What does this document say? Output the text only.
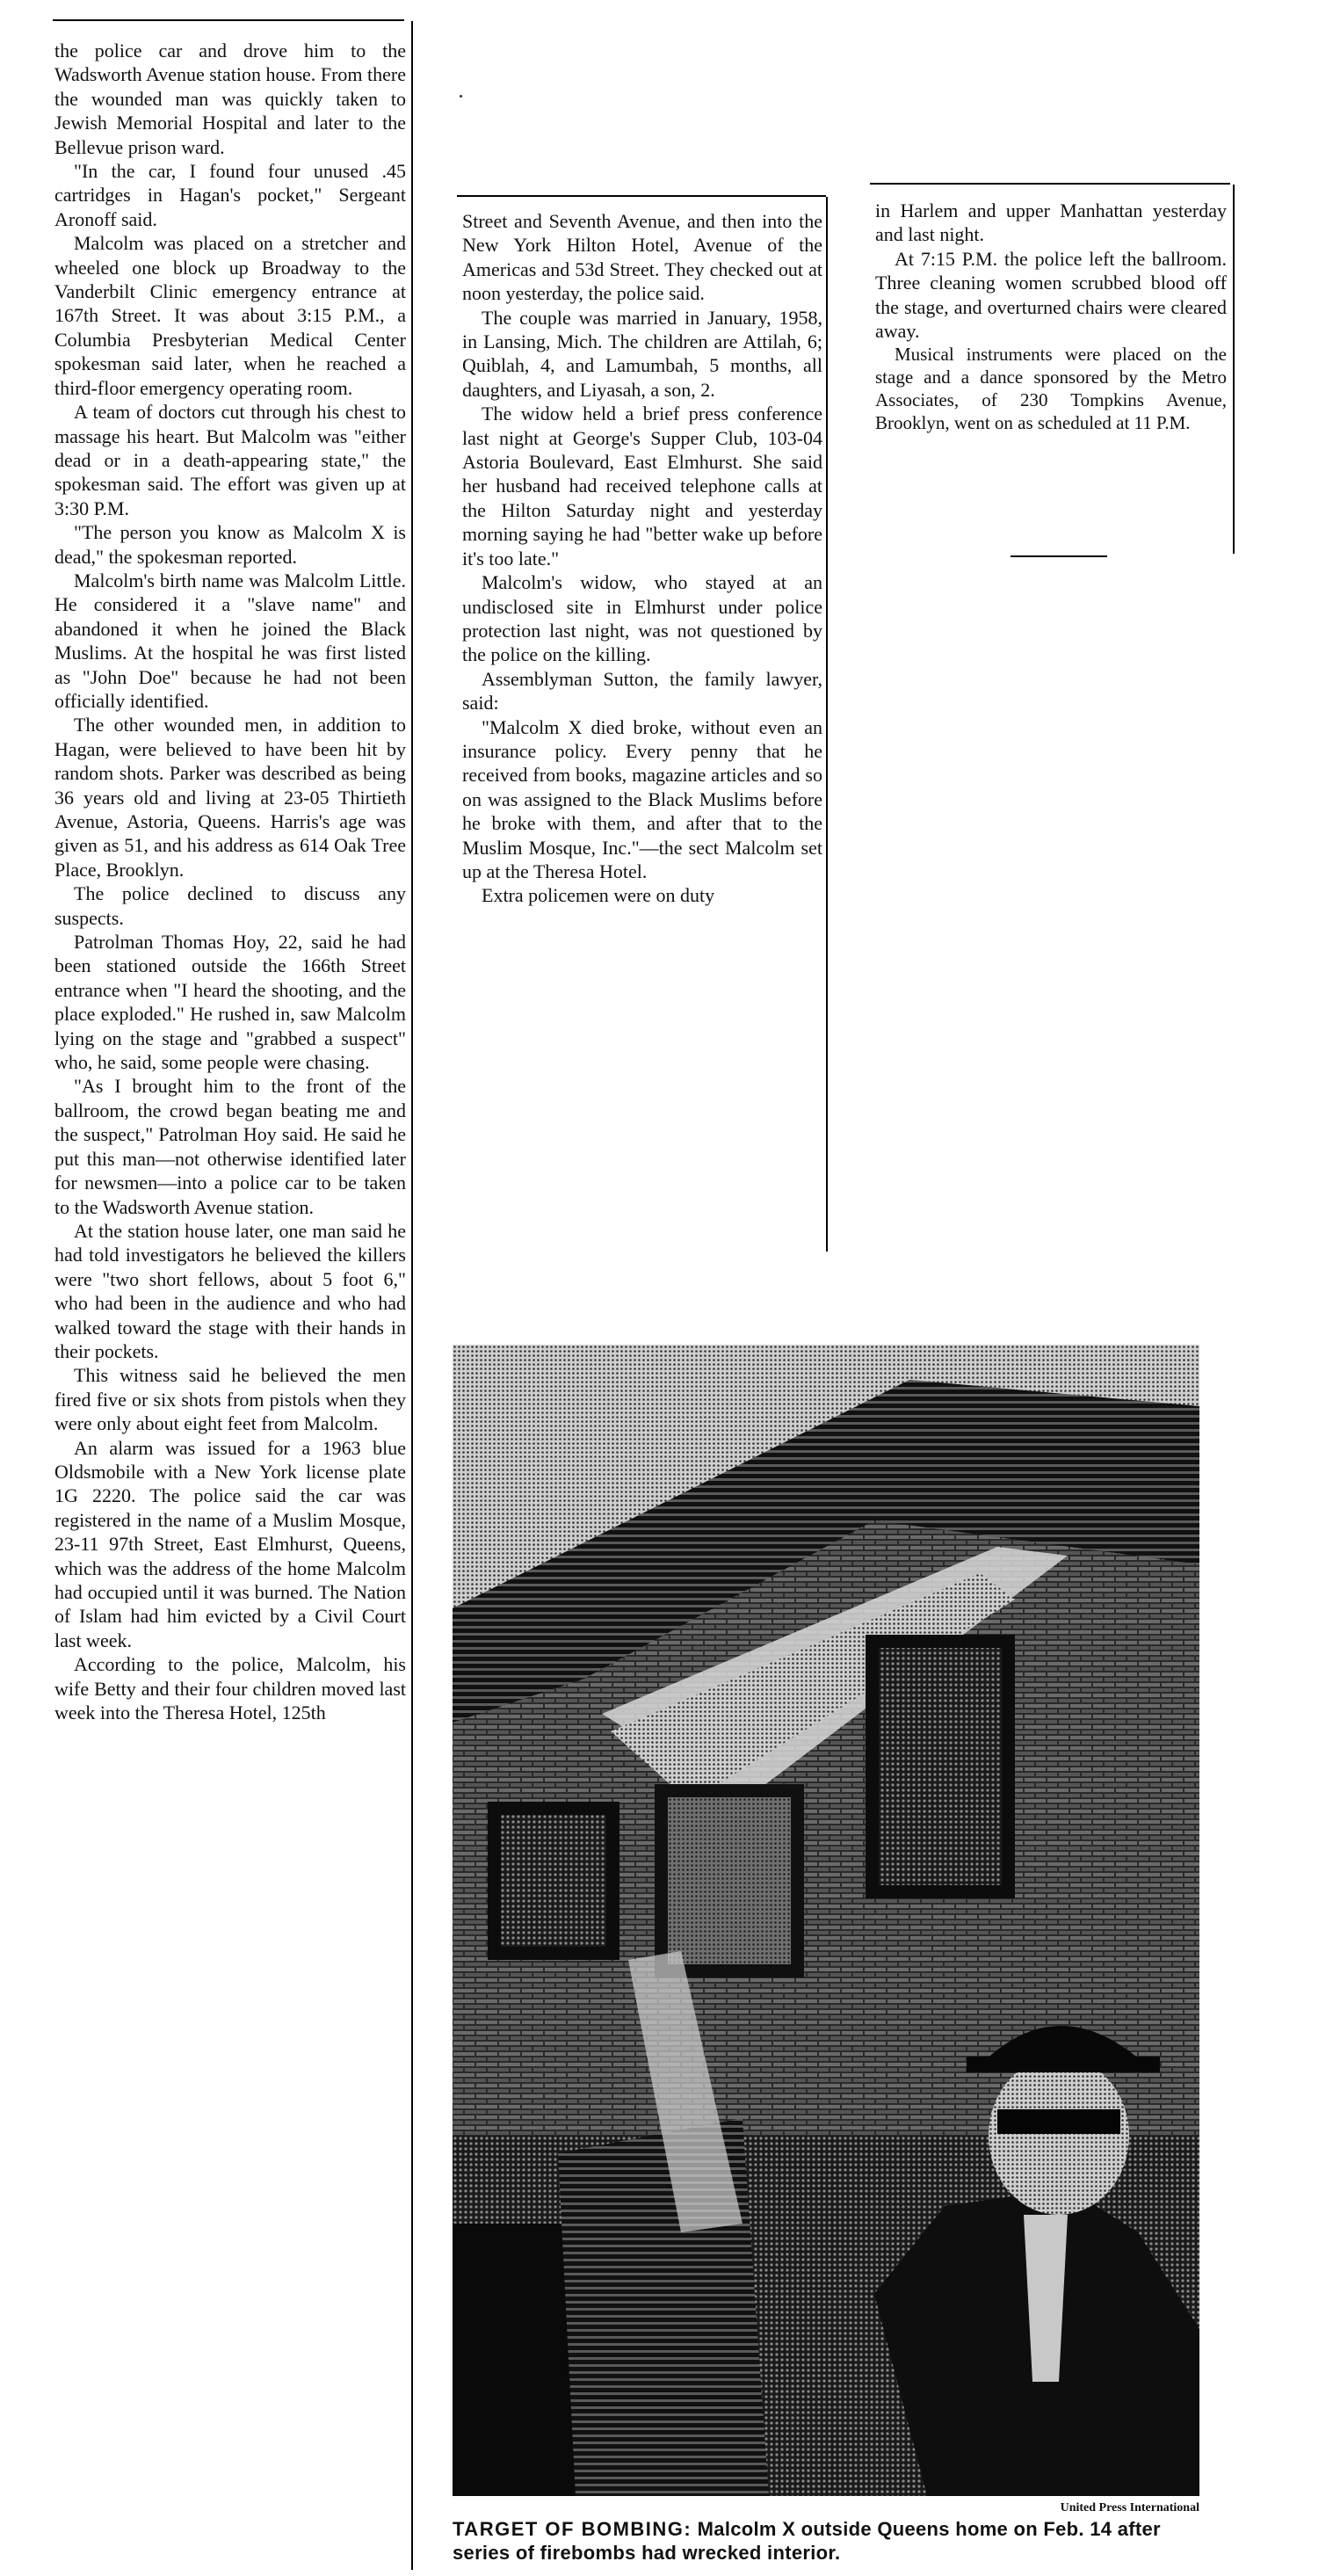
the police car and drove him to the Wadsworth Avenue station house. From there the wounded man was quickly taken to Jewish Memorial Hospital and later to the Bellevue prison ward.

"In the car, I found four unused .45 cartridges in Hagan's pocket," Sergeant Aronoff said.

Malcolm was placed on a stretcher and wheeled one block up Broadway to the Vanderbilt Clinic emergency entrance at 167th Street. It was about 3:15 P.M., a Columbia Presbyterian Medical Center spokesman said later, when he reached a third-floor emergency operating room.

A team of doctors cut through his chest to massage his heart. But Malcolm was "either dead or in a death-appearing state," the spokesman said. The effort was given up at 3:30 P.M.

"The person you know as Malcolm X is dead," the spokesman reported.

Malcolm's birth name was Malcolm Little. He considered it a "slave name" and abandoned it when he joined the Black Muslims. At the hospital he was first listed as "John Doe" because he had not been officially identified.

The other wounded men, in addition to Hagan, were believed to have been hit by random shots. Parker was described as being 36 years old and living at 23-05 Thirtieth Avenue, Astoria, Queens. Harris's age was given as 51, and his address as 614 Oak Tree Place, Brooklyn.

The police declined to discuss any suspects.

Patrolman Thomas Hoy, 22, said he had been stationed outside the 166th Street entrance when "I heard the shooting, and the place exploded." He rushed in, saw Malcolm lying on the stage and "grabbed a suspect" who, he said, some people were chasing.

"As I brought him to the front of the ballroom, the crowd began beating me and the suspect," Patrolman Hoy said. He said he put this man—not otherwise identified later for newsmen—into a police car to be taken to the Wadsworth Avenue station.

At the station house later, one man said he had told investigators he believed the killers were "two short fellows, about 5 foot 6," who had been in the audience and who had walked toward the stage with their hands in their pockets.

This witness said he believed the men fired five or six shots from pistols when they were only about eight feet from Malcolm.

An alarm was issued for a 1963 blue Oldsmobile with a New York license plate 1G 2220. The police said the car was registered in the name of a Muslim Mosque, 23-11 97th Street, East Elmhurst, Queens, which was the address of the home Malcolm had occupied until it was burned. The Nation of Islam had him evicted by a Civil Court last week.

According to the police, Malcolm, his wife Betty and their four children moved last week into the Theresa Hotel, 125th

Street and Seventh Avenue, and then into the New York Hilton Hotel, Avenue of the Americas and 53d Street. They checked out at noon yesterday, the police said.

The couple was married in January, 1958, in Lansing, Mich. The children are Attilah, 6; Quiblah, 4, and Lamumbah, 5 months, all daughters, and Liyasah, a son, 2.

The widow held a brief press conference last night at George's Supper Club, 103-04 Astoria Boulevard, East Elmhurst. She said her husband had received telephone calls at the Hilton Saturday night and yesterday morning saying he had "better wake up before it's too late."

Malcolm's widow, who stayed at an undisclosed site in Elmhurst under police protection last night, was not questioned by the police on the killing.

Assemblyman Sutton, the family lawyer, said:

"Malcolm X died broke, without even an insurance policy. Every penny that he received from books, magazine articles and so on was assigned to the Black Muslims before he broke with them, and after that to the Muslim Mosque, Inc."—the sect Malcolm set up at the Theresa Hotel.

Extra policemen were on duty

in Harlem and upper Manhattan yesterday and last night.

At 7:15 P.M. the police left the ballroom. Three cleaning women scrubbed blood off the stage, and overturned chairs were cleared away.

Musical instruments were placed on the stage and a dance sponsored by the Metro Associates, of 230 Tompkins Avenue, Brooklyn, went on as scheduled at 11 P.M.

United Press International
TARGET OF BOMBING: Malcolm X outside Queens home on Feb. 14 after series of firebombs had wrecked interior.
